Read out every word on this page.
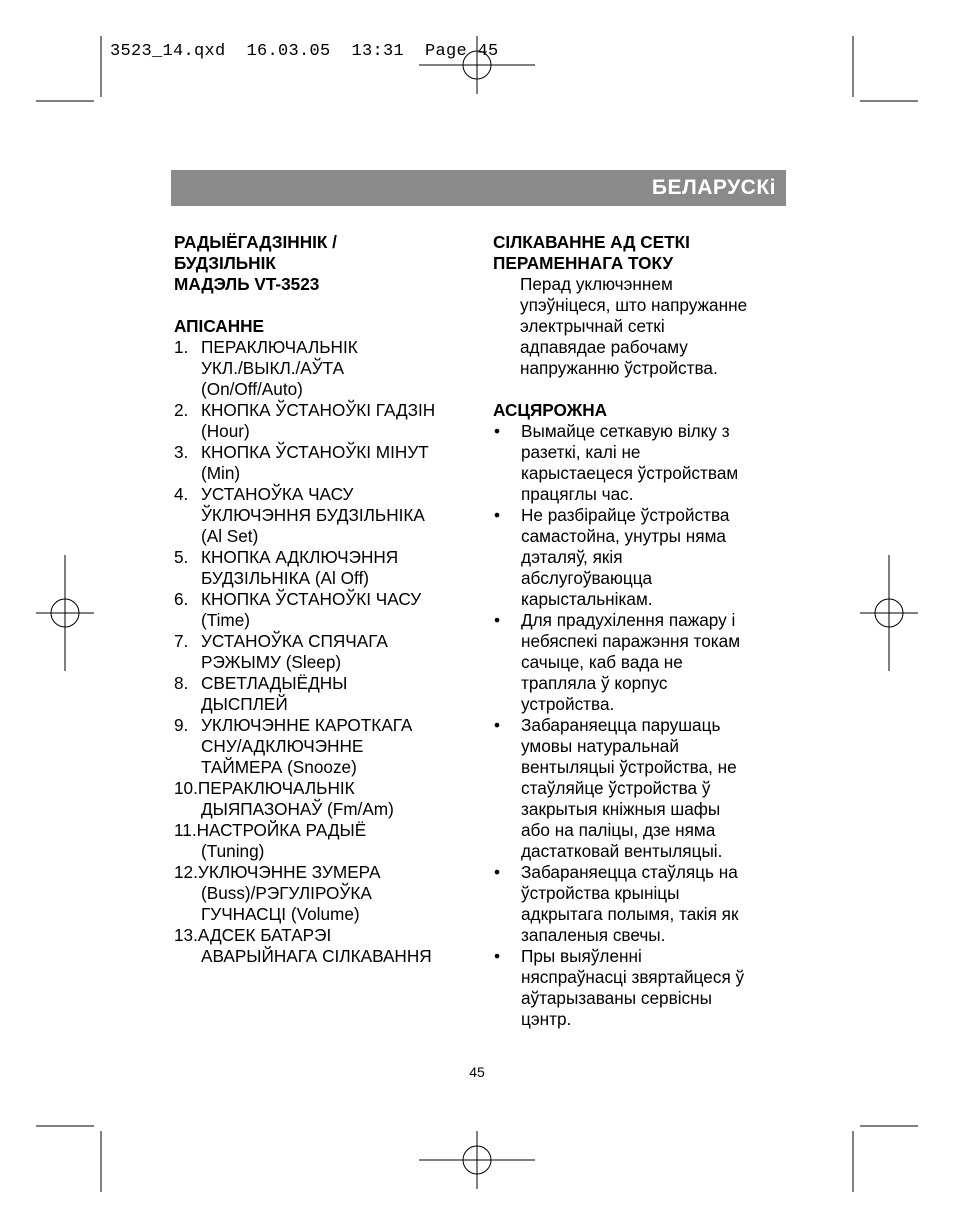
3523_14.qxd  16.03.05  13:31  Page 45
БЕЛАРУСКі
РАДЫЁГАДЗІННІК /
БУДЗІЛЬНІК
МАДЭЛЬ VT-3523
АПІСАННЕ
1. ПЕРАКЛЮЧАЛЬНІК
УКЛ./ВЫКЛ./АЎТА
(On/Off/Auto)
2. КНОПКА ЎСТАНОЎКІ ГАДЗІН
(Hour)
3. КНОПКА ЎСТАНОЎКІ МІНУТ
(Min)
4. УСТАНОЎКА ЧАСУ
ЎКЛЮЧЭННЯ БУДЗІЛЬНІКА
(Al Set)
5. КНОПКА АДКЛЮЧЭННЯ
БУДЗІЛЬНІКА (Al Off)
6. КНОПКА ЎСТАНОЎКІ ЧАСУ
(Time)
7. УСТАНОЎКА СПЯЧАГА
РЭЖЫМУ (Sleep)
8. СВЕТЛАДЫЁДНЫ
ДЫСПЛЕЙ
9. УКЛЮЧЭННЕ КАРОТКАГА
СНУ/АДКЛЮЧЭННЕ
ТАЙМЕРА (Snooze)
10.ПЕРАКЛЮЧАЛЬНІК
ДЫЯПАЗОНАЎ (Fm/Am)
11.НАСТРОЙКА РАДЫЁ
(Tuning)
12.УКЛЮЧЭННЕ ЗУМЕРА
(Buss)/РЭГУЛІРОЎКА
ГУЧНАСЦІ (Volume)
13.АДСЕК БАТАРЭІ
АВАРЫЙНАГА СІЛКАВАННЯ
СІЛКАВАННЕ АД СЕТКІ
ПЕРАМЕННАГА ТОКУ
Перад уключэннем
упэўніцеся, што напружанне
электрычнай сеткі
адпавядае рабочаму
напружанню ўстройства.
АСЦЯРОЖНА
•	Вымайце сеткавую вілку з
разеткі, калі не
карыстаецеся ўстройствам
працяглы час.
•	Не разбірайце ўстройства
самастойна, унутры няма
дэталяў, якія
абслугоўваюцца
карыстальнікам.
•	Для прадухілення пажару і
небяспекі паражэння токам
сачыце, каб вада не
трапляла ў корпус
устройства.
•	Забараняецца парушаць
умовы натуральнай
вентыляцыі ўстройства, не
стаўляйце ўстройства ў
закрытыя кніжныя шафы
або на паліцы, дзе няма
дастатковай вентыляцыі.
•	Забараняецца стаўляць на
ўстройства крыніцы
адкрытага полымя, такія як
запаленыя свечы.
•	Пры выяўленні
няспраўнасці звяртайцеся ў
аўтарызаваны сервісны
цэнтр.
45
